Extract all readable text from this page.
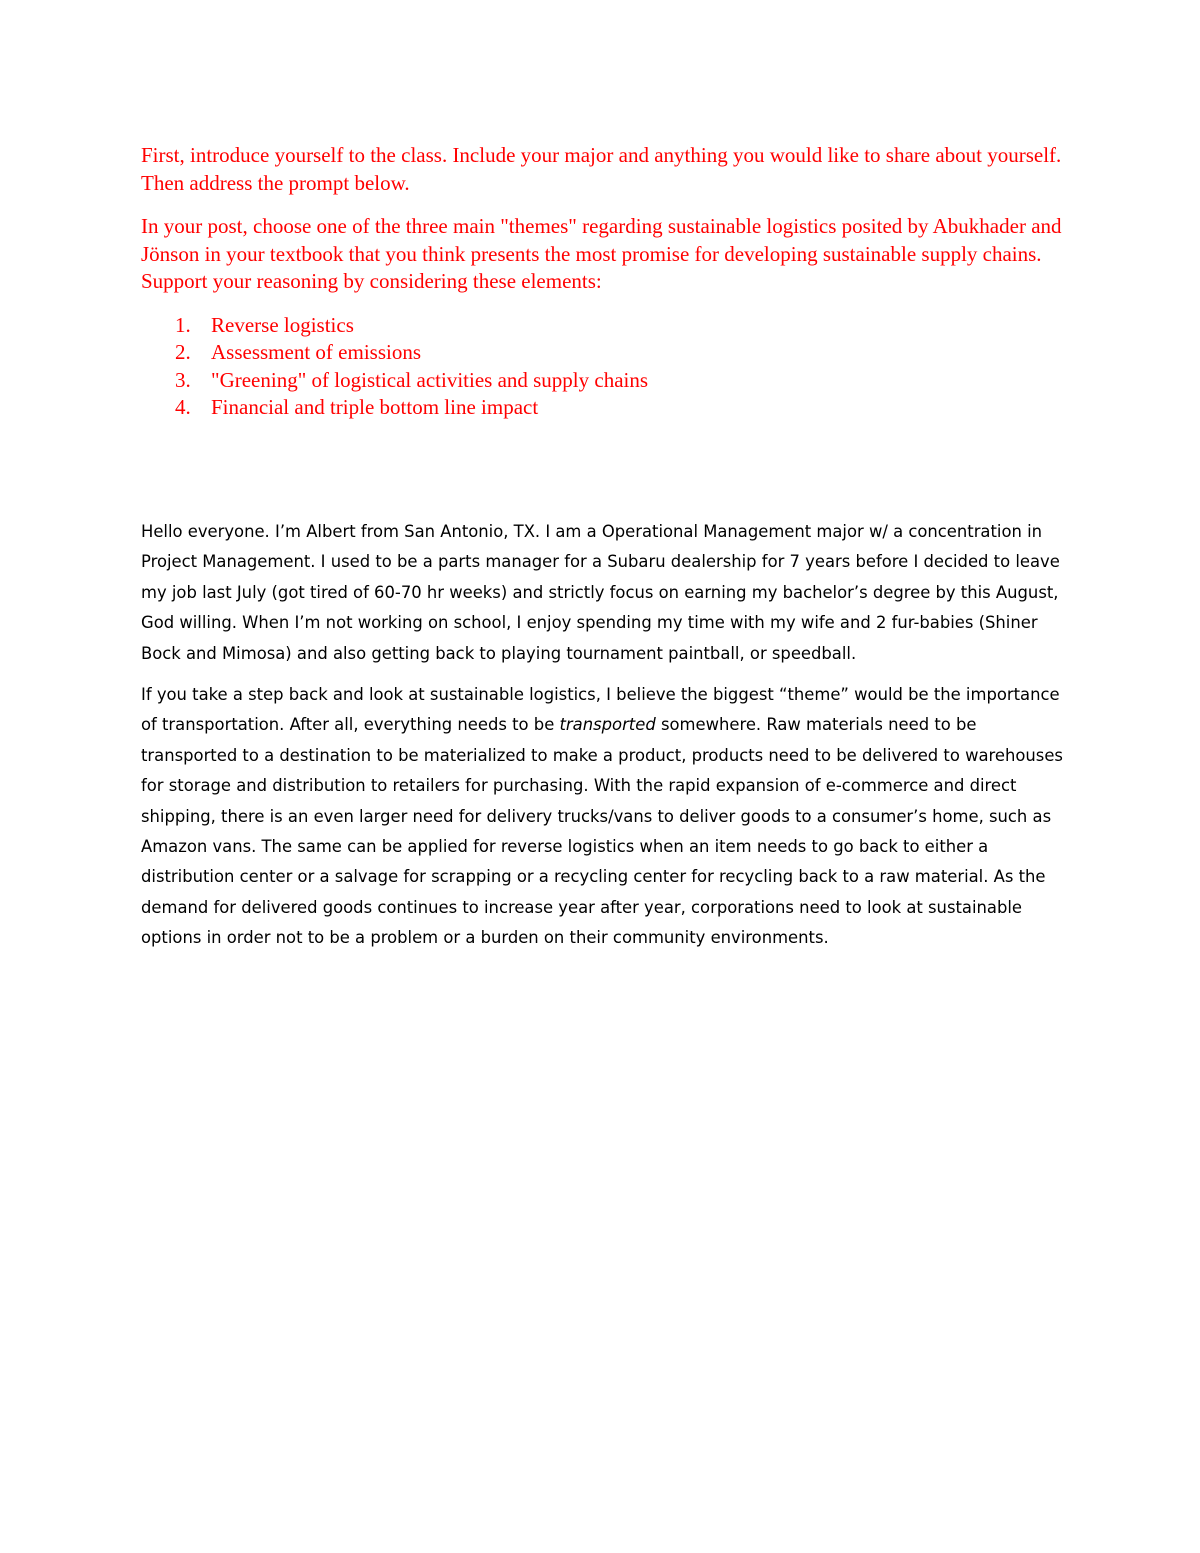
First, introduce yourself to the class. Include your major and anything you would like to share about yourself. Then address the prompt below.

In your post, choose one of the three main "themes" regarding sustainable logistics posited by Abukhader and Jönson in your textbook that you think presents the most promise for developing sustainable supply chains. Support your reasoning by considering these elements:

1. Reverse logistics
2. Assessment of emissions
3. "Greening" of logistical activities and supply chains
4. Financial and triple bottom line impact

Hello everyone. I’m Albert from San Antonio, TX. I am a Operational Management major w/ a concentration in Project Management. I used to be a parts manager for a Subaru dealership for 7 years before I decided to leave my job last July (got tired of 60-70 hr weeks) and strictly focus on earning my bachelor’s degree by this August, God willing. When I’m not working on school, I enjoy spending my time with my wife and 2 fur-babies (Shiner Bock and Mimosa) and also getting back to playing tournament paintball, or speedball.

If you take a step back and look at sustainable logistics, I believe the biggest “theme” would be the importance of transportation. After all, everything needs to be transported somewhere. Raw materials need to be transported to a destination to be materialized to make a product, products need to be delivered to warehouses for storage and distribution to retailers for purchasing. With the rapid expansion of e-commerce and direct shipping, there is an even larger need for delivery trucks/vans to deliver goods to a consumer’s home, such as Amazon vans. The same can be applied for reverse logistics when an item needs to go back to either a distribution center or a salvage for scrapping or a recycling center for recycling back to a raw material. As the demand for delivered goods continues to increase year after year, corporations need to look at sustainable options in order not to be a problem or a burden on their community environments.
